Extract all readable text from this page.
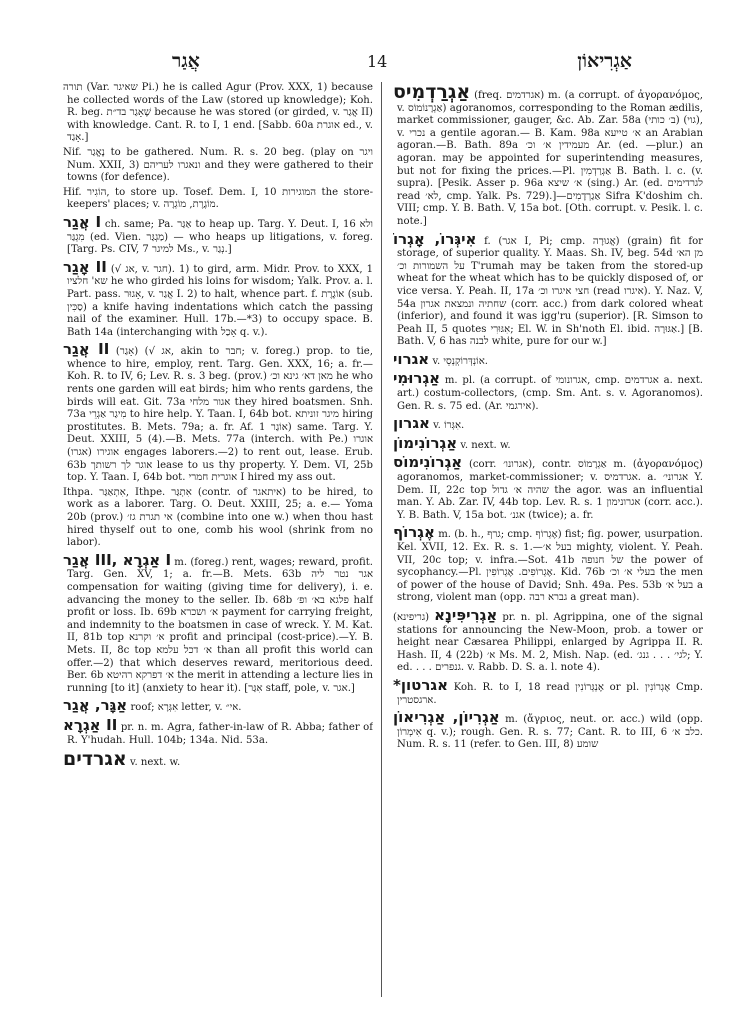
אֲגַר	14	אַגְרִיאוֹן

תורה (Var. שאיגר Pi.) he is called Agur (Prov. XXX, 1) because he collected words of the Law (stored up knowledge); Koh. R. beg. שֶׁאָגַר בד״ת because he was stored (or girded, v. אֲגַר II) with knowledge. Cant. R. to I, 1 end. [Sabb. 60a אוגרת ed., v. אָגַד.]

Nif. נֶאֱגַר to be gathered. Num. R. s. 20 beg. (play on ויגר Num. XXII, 3) ונאגרו לעריהם and they were gathered to their towns (for defence).

Hif. הוֹגִיר, to store up. Tosef. Dem. I, 10 המוגירות the store-keepers' places; v. מוֹגֶרֶת, מוֹגְרָה.

אֲגַר I ch. same; Pa. אַגַּר to heap up. Targ. Y. Deut. I, 16 ולא מִגְגַּר (ed. Vien. מַגְגַּר) — who heaps up litigations, v. foreg. [Targ. Ps. CIV, 7 למיגר Ms., v. נְגַר.]

אָגַר II (√ אג, v. חגר). 1) to gird, arm. Midr. Prov. to XXX, 1 שא' חלציו he who girded his loins for wisdom; Yalk. Prov. a. l. Part. pass. אָגוּר, v. אֲגַר I. 2) to halt, whence part. f. אוֹגֶרֶת (sub. סַכִּין) a knife having indentations which catch the passing nail of the examiner. Hull. 17b.—*3) to occupy space. B. Bath 14a (interchanging with אָכַל q. v.).

אֲגַר II (אָגַר) (√ אג, akin to חבר; v. foreg.) prop. to tie, whence to hire, employ, rent. Targ. Gen. XXX, 16; a. fr.—Koh. R. to IV, 6; Lev. R. s. 3 beg. (prov.) מאן דא׳ גינא וכ׳ he who rents one garden will eat birds; him who rents gardens, the birds will eat. Git. 73a אגור מלחי they hired boatsmen. Snh. 73a מִיגַר אַגְרֵי to hire help. Y. Taan. I, 64b bot. מיגר זוניתא hiring prostitutes. B. Mets. 79a; a. fr. Af. אוֹגַר 1) same. Targ. Y. Deut. XXIII, 5 (4).—B. Mets. 77a (interch. with Pe.) אוגרו אוגירו (אגרו) engages laborers.—2) to rent out, lease. Erub. 63b אוגר לך רשותך lease to us thy property. Y. Dem. VI, 25b top. Y. Taan. I, 64b bot. אוגרית חמרי I hired my ass out.

Ithpa. אִתְאַגַּר, Ithpe. אִתְגַּר (contr. of איתאגר) to be hired, to work as a laborer. Targ. O. Deut. XXIII, 25; a. e.— Yoma 20b (prov.) אי תגרת גז׳ (combine into one w.) when thou hast hired thyself out to one, comb his wool (shrink from no labor).

אֲגַר III, אַגְרָא I m. (foreg.) rent, wages; reward, profit. Targ. Gen. XV, 1; a. fr.—B. Mets. 63b אגר נטר ליה compensation for waiting (giving time for delivery), i. e. advancing the money to the seller. Ib. 68b פלגא בא׳ ופ׳ half profit or loss. Ib. 69b א׳ ושכרא payment for carrying freight, and indemnity to the boatsmen in case of wreck. Y. M. Kat. II, 81b top א׳ וקרנא profit and principal (cost-price).—Y. B. Mets. II, 8c top א׳ דכל עלמא than all profit this world can offer.—2) that which deserves reward, meritorious deed. Ber. 6b א׳ דפרקא רהיטא the merit in attending a lecture lies in running [to it] (anxiety to hear it). [אִגַּר staff, pole, v. אגר.]

אַגָּר, אֲגַר roof; אִגְּרָא letter, v. אי״.

אַגְרָא II pr. n. m. Agra, father-in-law of R. Abba; father of R. Y'hudah. Hull. 104b; 134a. Nid. 53a.

אגרדים v. next. w.

אַגְרַדְמִיס (freq. אגרדמים) m. (a corrupt. of ἀγορανόμος, v. אַגְרָנוֹמוֹס) agoranomos, corresponding to the Roman ædilis, market commissioner, gauger, &c. Ab. Zar. 58a (ב׳ כותי) (גוי), v. נכרי a gentile agoran.— B. Kam. 98a א׳ טייעא an Arabian agoran.—B. Bath. 89a מעמידין א׳ וכ׳ Ar. (ed. —plur.) an agoran. may be appointed for superintending measures, but not for fixing the prices.—Pl. אַגְרַדְמִין B. Bath. l. c. (v. supra). [Pesik. Asser p. 96a א׳ שיצא (sing.) Ar. (ed. לגרדימים read לא׳, cmp. Yalk. Ps. 729).]—אַגַרְדָמִים Sifra K'doshim ch. VIII; cmp. Y. B. Bath. V, 15a bot. [Oth. corrupt. v. Pesik. l. c. note.]

אִיגְּרוֹ, אָגְרוֹ f. (אגר I, Pi; cmp. אֲגוּרָה) (grain) fit for storage, of superior quality. Y. Maas. Sh. IV, beg. 54d מן הא׳ על השמורות וכ׳ T'rumah may be taken from the stored-up wheat for the wheat which has to be quickly disposed of, or vice versa. Y. Peah. II, 17a חצי איגרו וכ׳ (read איגרו). Y. Naz. V, 54a שחתיה ונמצאת אגרון (corr. acc.) from dark colored wheat (inferior), and found it was igg'ru (superior). [R. Simson to Peah II, 5 quotes אִגּוּרִי; El. W. in Sh'noth El. ibid. אַגּוּרָה.] [B. Bath. V, 6 has לבנה white, pure for our w.]

אגרוי v. אוֹנְדְּרוֹקְנְסֵי.

אַגְרוּמִי m. pl. (a corrupt. of אגרונומי, cmp. אגרדמים a. next. art.) costum-collectors, (cmp. Sm. Ant. s. v. Agoranomos). Gen. R. s. 75 ed. (Ar. אירגמי).

אגרון v. אִגְּרוֹ.

אַגְרוֹנִימוֹן v. next. w.

אַגְרוֹנִימוֹס (corr. אגרונו׳), contr. אַגְרָמוֹס m. (ἀγορανόμος) agoranomos, market-commissioner; v. אגרדמיס. a. אגרוני׳ Y. Dem. II, 22c top שהיה א׳ גדול the agor. was an influential man. Y. Ab. Zar. IV, 44b top. Lev. R. s. 1 אגרונימון (corr. acc.). Y. B. Bath. V, 15a bot. אגנ׳ (twice); a. fr.

אֶגְרוֹף m. (b. h., גרף; cmp. אֶגְרוֹף) fist; fig. power, usurpation. Kel. XVII, 12. Ex. R. s. 1.—בעל א׳ mighty, violent. Y. Peah. VII, 20c top; v. infra.—Sot. 41b של חנופה the power of sycophancy.—Pl. אֶגְרוֹפִים. אֶגְרוֹפִין. Kid. 76b בעלי א׳ וכ׳ the men of power of the house of David; Snh. 49a. Pes. 53b בעל א׳ a strong, violent man (opp. גברא רבה a great man).

אַגְרִיפִּינָא (גריפינא) pr. n. pl. Agrippina, one of the signal stations for announcing the New-Moon, prob. a tower or height near Cæsarea Philippi, enlarged by Agrippa II. R. Hash. II, 4 (22b) א׳ Ms. M. 2, Mish. Nap. (ed. לגי׳ . . . גנג׳; Y. ed. . . . גנפרים. v. Rabb. D. S. a. l. note 4).

*אגרטון Koh. R. to I, 18 read אֶנְגְּרוֹנִין or pl. אֶגְרוֹנִין Cmp. ארגסטרין.

אַגְרִיוֹן, אַגְרִיאוֹן m. (ἄγριος, neut. or. acc.) wild (opp. אִימְרוֹן q. v.); rough. Gen. R. s. 77; Cant. R. to III, 6 כלב א׳. Num. R. s. 11 (refer. to Gen. III, 8) שומע
